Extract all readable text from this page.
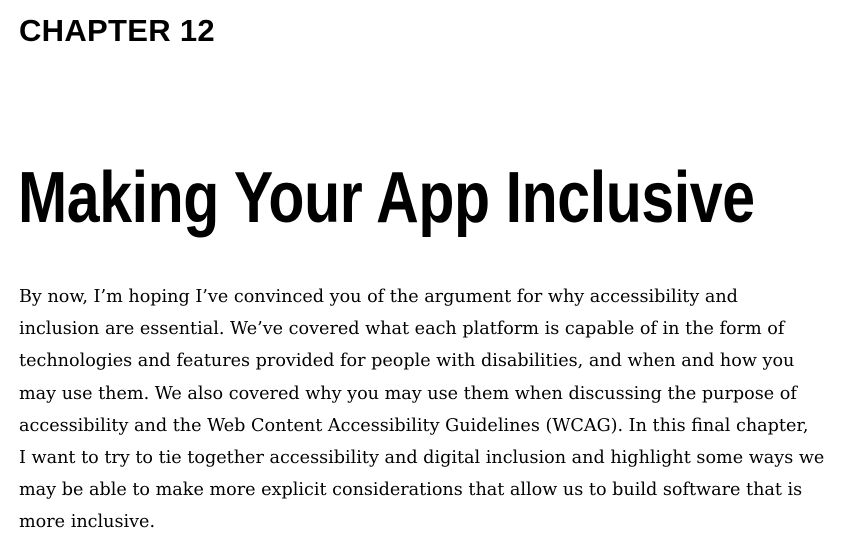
CHAPTER 12
Making Your App Inclusive

By now, I’m hoping I’ve convinced you of the argument for why accessibility and
inclusion are essential. We’ve covered what each platform is capable of in the form of
technologies and features provided for people with disabilities, and when and how you
may use them. We also covered why you may use them when discussing the purpose of
accessibility and the Web Content Accessibility Guidelines (WCAG). In this final chapter,
I want to try to tie together accessibility and digital inclusion and highlight some ways we
may be able to make more explicit considerations that allow us to build software that is
more inclusive.
